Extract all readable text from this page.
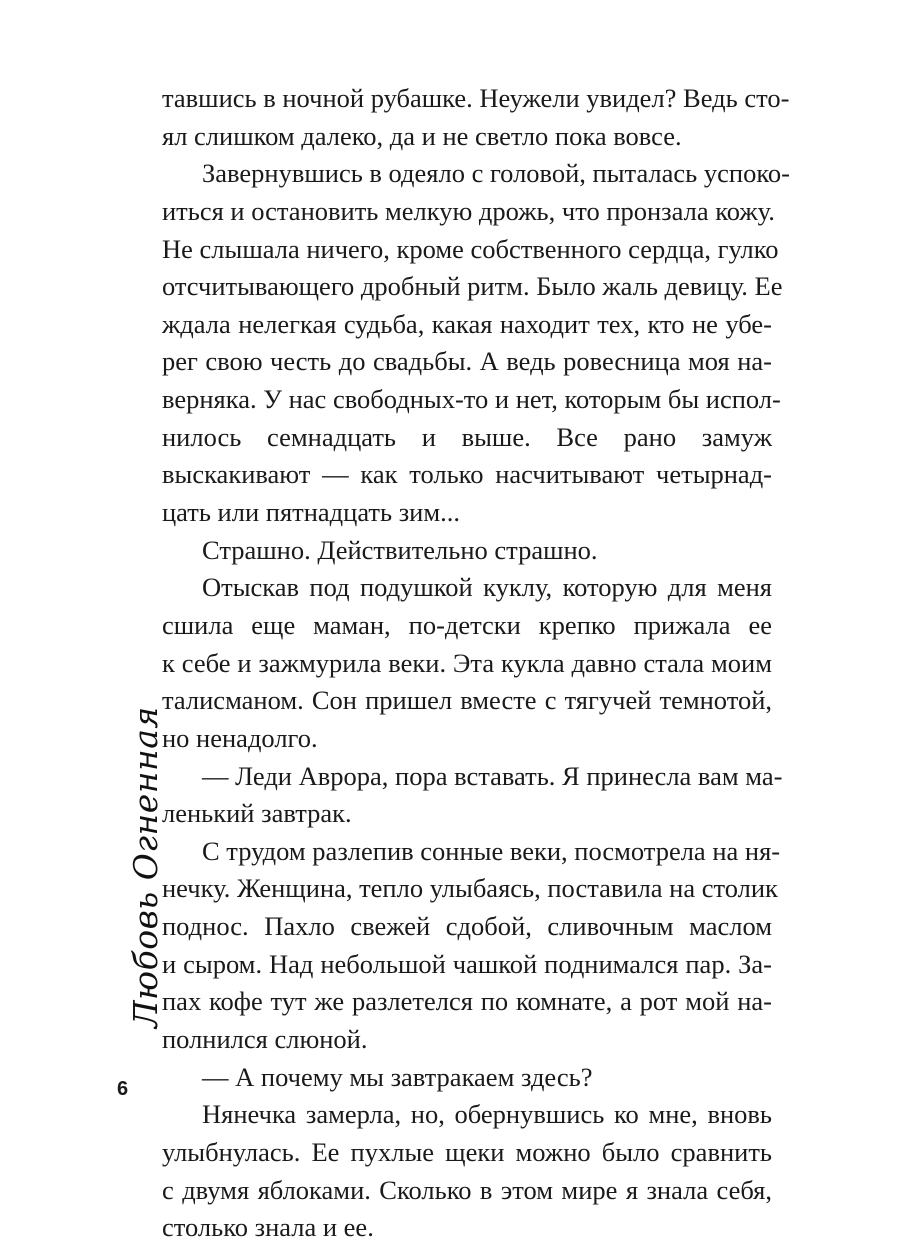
тавшись в ночной рубашке. Неужели увидел? Ведь сто-
ял слишком далеко, да и не светло пока вовсе.
Завернувшись в одеяло с головой, пыталась успоко-
иться и остановить мелкую дрожь, что пронзала кожу.
Не слышала ничего, кроме собственного сердца, гулко
отсчитывающего дробный ритм. Было жаль девицу. Ее
ждала нелегкая судьба, какая находит тех, кто не убе-
рег свою честь до свадьбы. А ведь ровесница моя на-
верняка. У нас свободных-то и нет, которым бы испол-
нилось семнадцать и выше. Все рано замуж
выскакивают — как только насчитывают четырнад-
цать или пятнадцать зим...
Страшно. Действительно страшно.
Отыскав под подушкой куклу, которую для меня
сшила еще маман, по-детски крепко прижала ее
к себе и зажмурила веки. Эта кукла давно стала моим
талисманом. Сон пришел вместе с тягучей темнотой,
но ненадолго.
— Леди Аврора, пора вставать. Я принесла вам ма-
ленький завтрак.
С трудом разлепив сонные веки, посмотрела на ня-
нечку. Женщина, тепло улыбаясь, поставила на столик
поднос. Пахло свежей сдобой, сливочным маслом
и сыром. Над небольшой чашкой поднимался пар. За-
пах кофе тут же разлетелся по комнате, а рот мой на-
полнился слюной.
— А почему мы завтракаем здесь?
Нянечка замерла, но, обернувшись ко мне, вновь
улыбнулась. Ее пухлые щеки можно было сравнить
с двумя яблоками. Сколько в этом мире я знала себя,
столько знала и ее.
Любовь Огненная
6
